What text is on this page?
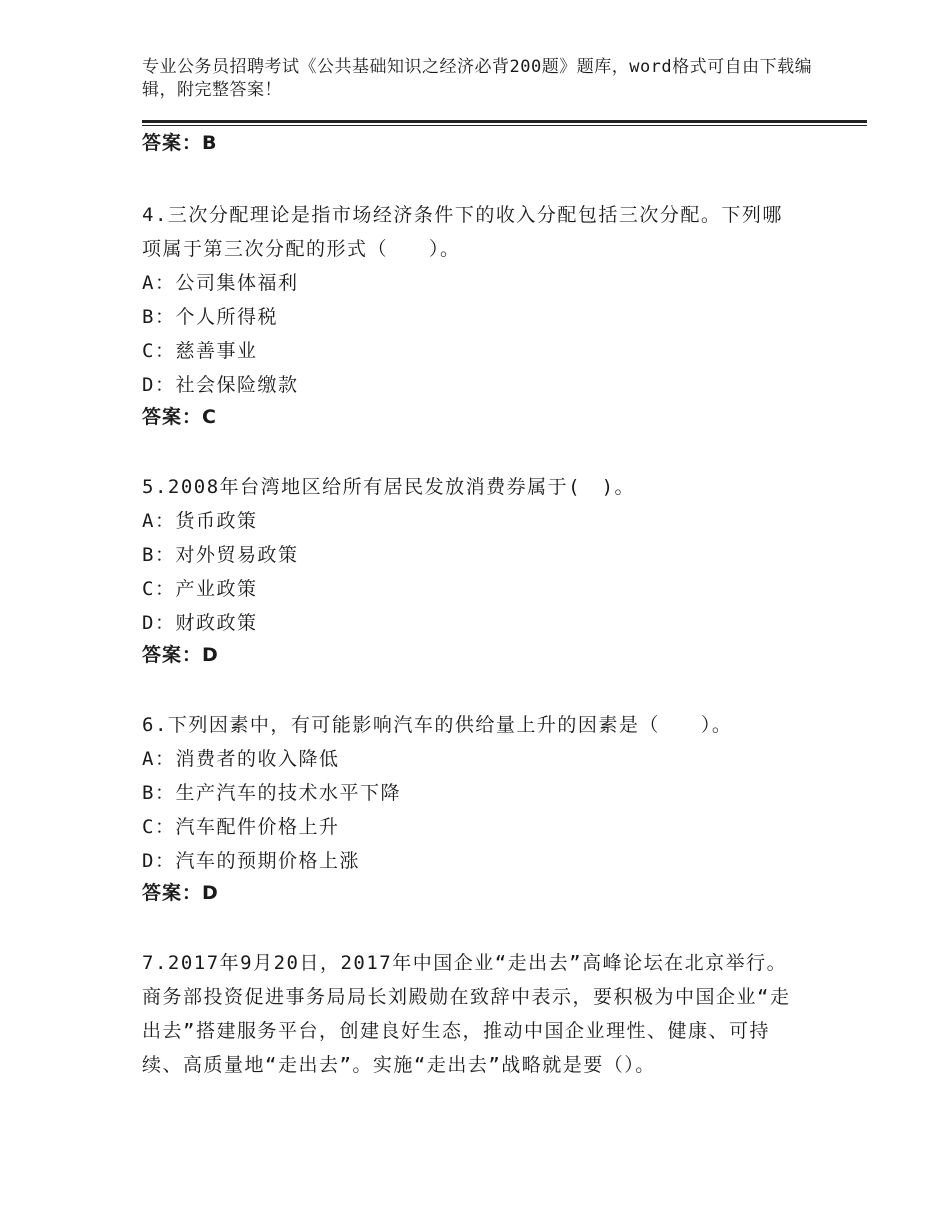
专业公务员招聘考试《公共基础知识之经济必背200题》题库，word格式可自由下载编辑，附完整答案！

答案：B

4.三次分配理论是指市场经济条件下的收入分配包括三次分配。下列哪项属于第三次分配的形式（　　）。

A：公司集体福利

B：个人所得税

C：慈善事业

D：社会保险缴款

答案：C

5.2008年台湾地区给所有居民发放消费券属于(　)。

A：货币政策

B：对外贸易政策

C：产业政策

D：财政政策

答案：D

6.下列因素中，有可能影响汽车的供给量上升的因素是（　　）。

A：消费者的收入降低

B：生产汽车的技术水平下降

C：汽车配件价格上升

D：汽车的预期价格上涨

答案：D

7.2017年9月20日，2017年中国企业“走出去”高峰论坛在北京举行。商务部投资促进事务局局长刘殿勋在致辞中表示，要积极为中国企业“走出去”搭建服务平台，创建良好生态，推动中国企业理性、健康、可持续、高质量地“走出去”。实施“走出去”战略就是要（）。
